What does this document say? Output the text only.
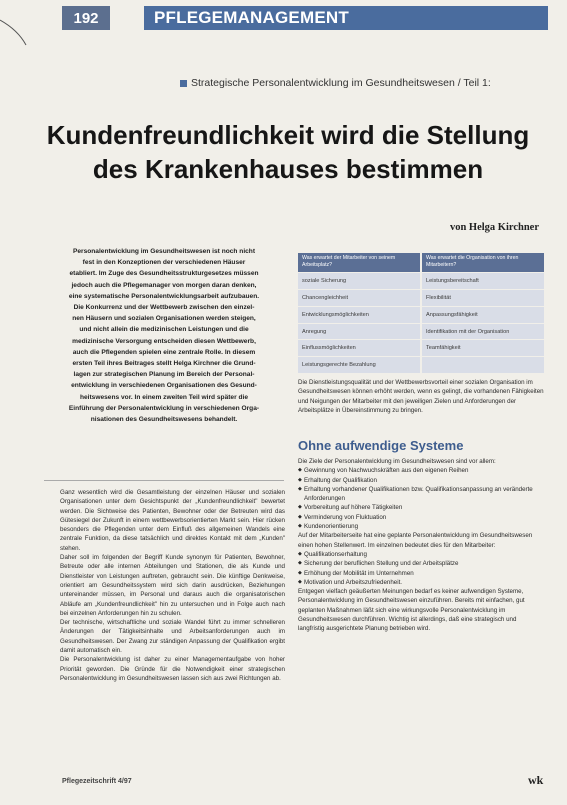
192	PFLEGEMANAGEMENT
Strategische Personalentwicklung im Gesundheitswesen / Teil 1:
Kundenfreundlichkeit wird die Stellung
des Krankenhauses bestimmen
von Helga Kirchner

Personalentwicklung im Gesundheitswesen ist noch nicht

fest in den Konzeptionen der verschiedenen Häuser

etabliert. Im Zuge des Gesundheitsstrukturgesetzes müssen

jedoch auch die Pflegemanager von morgen daran denken,

eine systematische Personalentwicklungsarbeit aufzubauen.

Die Konkurrenz und der Wettbewerb zwischen den einzel-

nen Häusern und sozialen Organisationen werden steigen,

und nicht allein die medizinischen Leistungen und die

medizinische Versorgung entscheiden diesen Wettbewerb,

auch die Pflegenden spielen eine zentrale Rolle. In diesem

ersten Teil ihres Beitrages stellt Helga Kirchner die Grund-

lagen zur strategischen Planung im Bereich der Personal-

entwicklung in verschiedenen Organisationen des Gesund-

heitswesens vor. In einem zweiten Teil wird später die

Einführung der Personalentwicklung in verschiedenen Orga-

nisationen des Gesundheitswesens behandelt.

Was erwartet der Mitarbeiter von seinem Arbeitsplatz?
soziale Sicherung
Chancengleichheit
Entwicklungsmöglichkeiten
Anregung
Einflussmöglichkeiten
Leistungsgerechte Bezahlung
Was erwartet die Organisation von ihren Mitarbeitern?
Leistungsbereitschaft
Flexibilität
Anpassungsfähigkeit
Identifikation mit der Organisation
Teamfähigkeit
Die Dienstleistungsqualität und der Wettbewerbsvorteil einer sozialen Organisation im Gesundheitswesen können erhöht werden, wenn es gelingt, die vorhandenen Fähigkeiten und Neigungen der Mitarbeiter mit den jeweiligen Zielen und Anforderungen der Arbeitsplätze in Übereinstimmung zu bringen.
Ohne aufwendige Systeme

Die Ziele der Personalentwicklung im Gesundheitswesen sind vor allem:

◆ Gewinnung von Nachwuchskräften aus den eigenen Reihen

◆ Erhaltung der Qualifikation

◆ Erhaltung vorhandener Qualifikationen bzw. Qualifikationsanpassung an veränderte Anforderungen

◆ Vorbereitung auf höhere Tätigkeiten

◆ Verminderung von Fluktuation

◆ Kundenorientierung

Auf der Mitarbeiterseite hat eine geplante Personalentwicklung im Gesundheitswesen einen hohen Stellenwert. Im einzelnen bedeutet dies für den Mitarbeiter:

◆ Qualifikationserhaltung

◆ Sicherung der beruflichen Stellung und der Arbeitsplätze

◆ Erhöhung der Mobilität im Unternehmen

◆ Motivation und Arbeitszufriedenheit.

Entgegen vielfach geäußerten Meinungen bedarf es keiner aufwendigen Systeme, Personalentwicklung im Gesundheitswesen einzuführen. Bereits mit einfachen, gut geplanten Maßnahmen läßt sich eine wirkungsvolle Personalentwicklung im Gesundheitswesen durchführen. Wichtig ist allerdings, daß eine strategisch und langfristig ausgerichtete Planung betrieben wird.

Ganz wesentlich wird die Gesamtleistung der einzelnen Häuser und sozialen Organisationen unter dem Gesichtspunkt der „Kundenfreundlichkeit" bewertet werden. Die Sichtweise des Patienten, Bewohner oder der Betreuten wird das Gütesiegel der Zukunft in einem wettbewerbsorientierten Markt sein. Hier rücken besonders die Pflegenden unter dem Einfluß des allgemeinen Wandels eine zentrale Funktion, da diese tatsächlich und direktes Kontakt mit dem „Kunden" stehen.

Daher soll im folgenden der Begriff Kunde synonym für Patienten, Bewohner, Betreute oder alle internen Abteilungen und Stationen, die als Kunde und Dienstleister von Leistungen auftreten, gebraucht sein. Die künftige Denkweise, orientiert am Gesundheitssystem wird sich darin ausdrücken, Beziehungen untereinander müssen, im Personal und daraus auch die organisatorischen Abläufe am „Kundenfreundlichkeit" hin zu untersuchen und in Folge auch nach bei einzelnen Anforderungen hin zu schulen.

Der technische, wirtschaftliche und soziale Wandel führt zu immer schnelleren Änderungen der Tätigkeitsinhalte und Arbeitsanforderungen auch im Gesundheitswesen. Der Zwang zur ständigen Anpassung der Qualifikation ergibt damit automatisch ein.

Die Personalentwicklung ist daher zu einer Managementaufgabe von hoher Priorität geworden. Die Gründe für die Notwendigkeit einer strategischen Personalentwicklung im Gesundheitswesen lassen sich aus zwei Richtungen ab.

Pflegezeitschrift 4/97	wk
